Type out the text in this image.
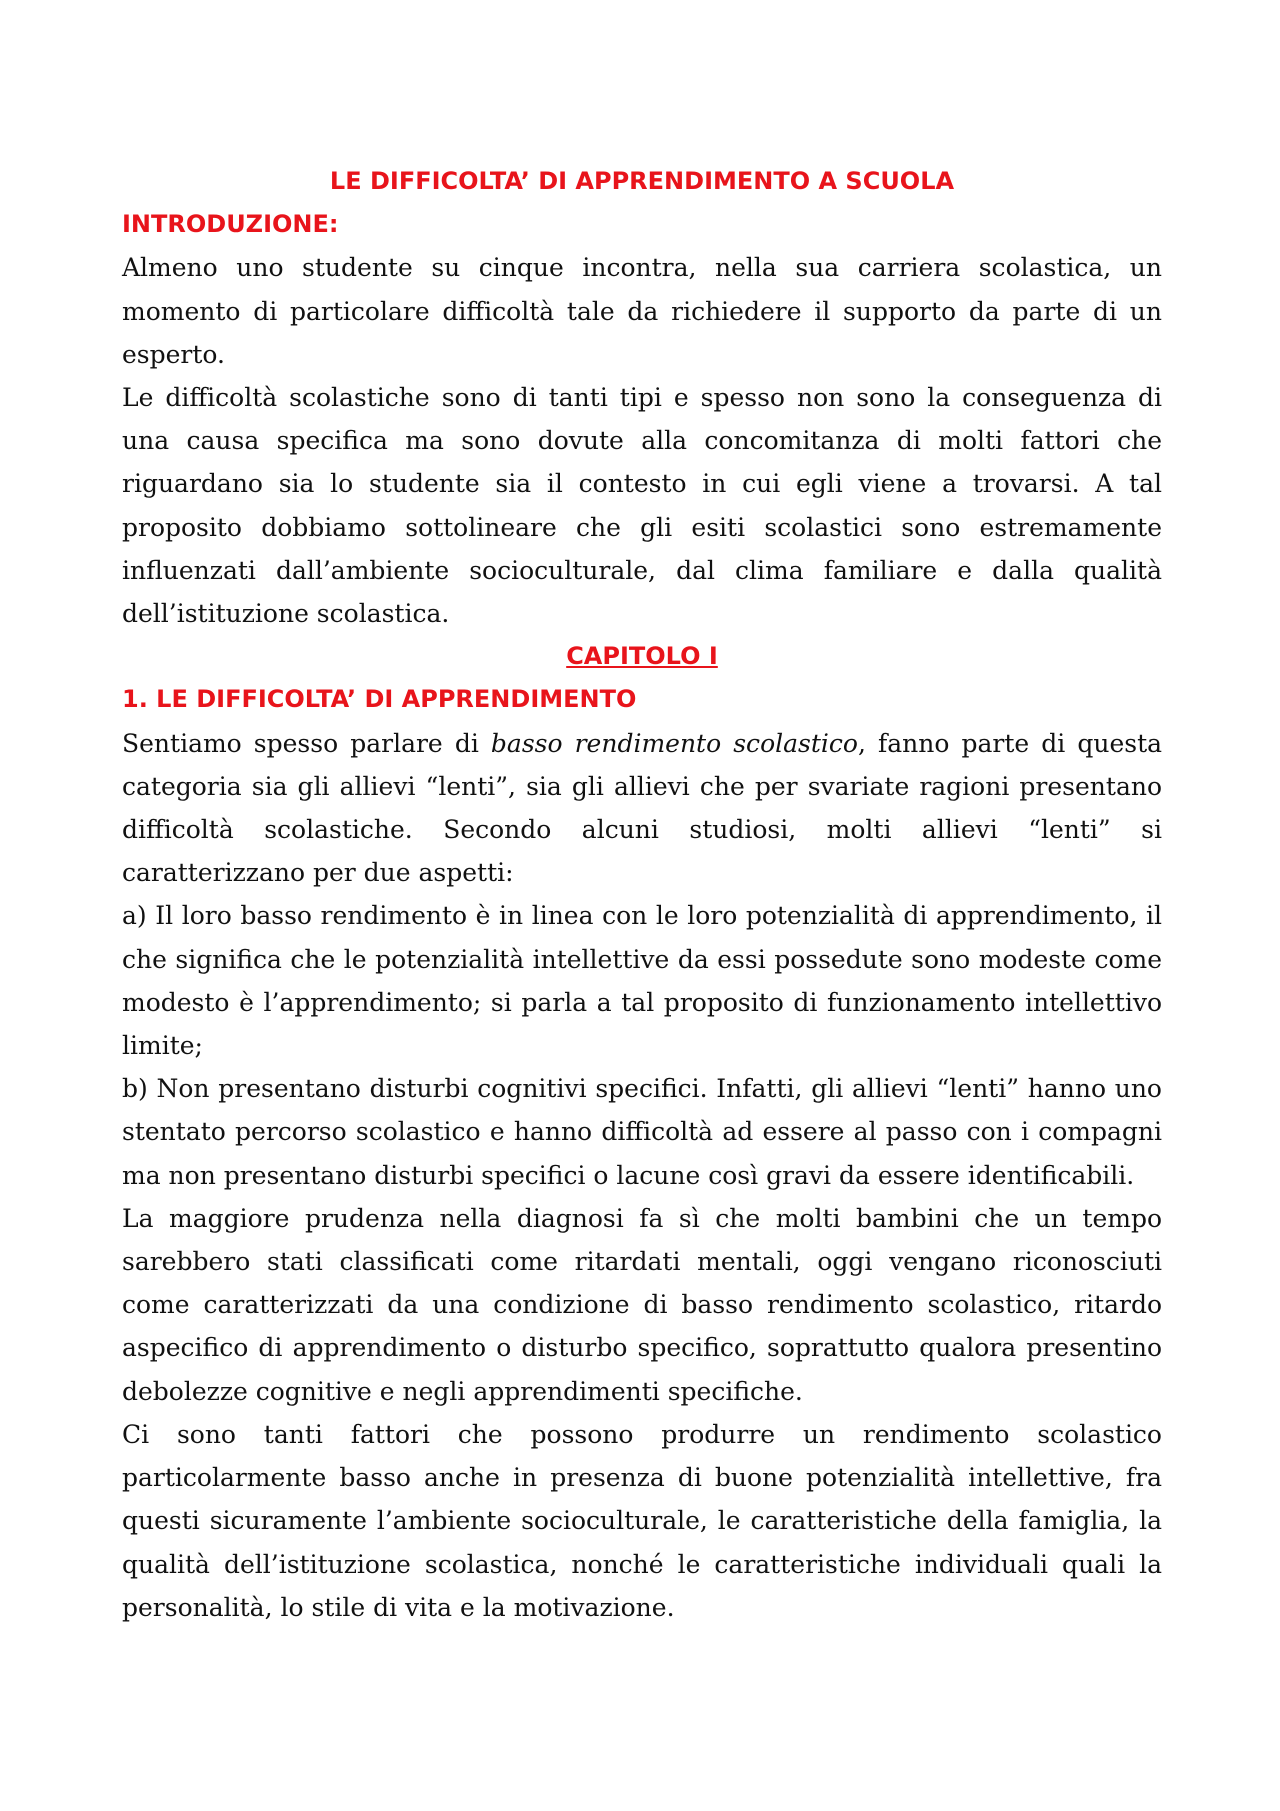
LE DIFFICOLTA’ DI APPRENDIMENTO A SCUOLA
INTRODUZIONE:

Almeno uno studente su cinque incontra, nella sua carriera scolastica, un momento di particolare difficoltà tale da richiedere il supporto da parte di un esperto.

Le difficoltà scolastiche sono di tanti tipi e spesso non sono la conseguenza di una causa specifica ma sono dovute alla concomitanza di molti fattori che riguardano sia lo studente sia il contesto in cui egli viene a trovarsi. A tal proposito dobbiamo sottolineare che gli esiti scolastici sono estremamente influenzati dall’ambiente socioculturale, dal clima familiare e dalla qualità dell’istituzione scolastica.

CAPITOLO I
1. LE DIFFICOLTA’ DI APPRENDIMENTO

Sentiamo spesso parlare di basso rendimento scolastico, fanno parte di questa categoria sia gli allievi “lenti”, sia gli allievi che per svariate ragioni presentano difficoltà scolastiche. Secondo alcuni studiosi, molti allievi “lenti” si caratterizzano per due aspetti:

a) Il loro basso rendimento è in linea con le loro potenzialità di apprendimento, il che significa che le potenzialità intellettive da essi possedute sono modeste come modesto è l’apprendimento; si parla a tal proposito di funzionamento intellettivo limite;

b) Non presentano disturbi cognitivi specifici. Infatti, gli allievi “lenti” hanno uno stentato percorso scolastico e hanno difficoltà ad essere al passo con i compagni ma non presentano disturbi specifici o lacune così gravi da essere identificabili.

La maggiore prudenza nella diagnosi fa sì che molti bambini che un tempo sarebbero stati classificati come ritardati mentali, oggi vengano riconosciuti come caratterizzati da una condizione di basso rendimento scolastico, ritardo aspecifico di apprendimento o disturbo specifico, soprattutto qualora presentino debolezze cognitive e negli apprendimenti specifiche.

Ci sono tanti fattori che possono produrre un rendimento scolastico particolarmente basso anche in presenza di buone potenzialità intellettive, fra questi sicuramente l’ambiente socioculturale, le caratteristiche della famiglia, la qualità dell’istituzione scolastica, nonché le caratteristiche individuali quali la personalità, lo stile di vita e la motivazione.
